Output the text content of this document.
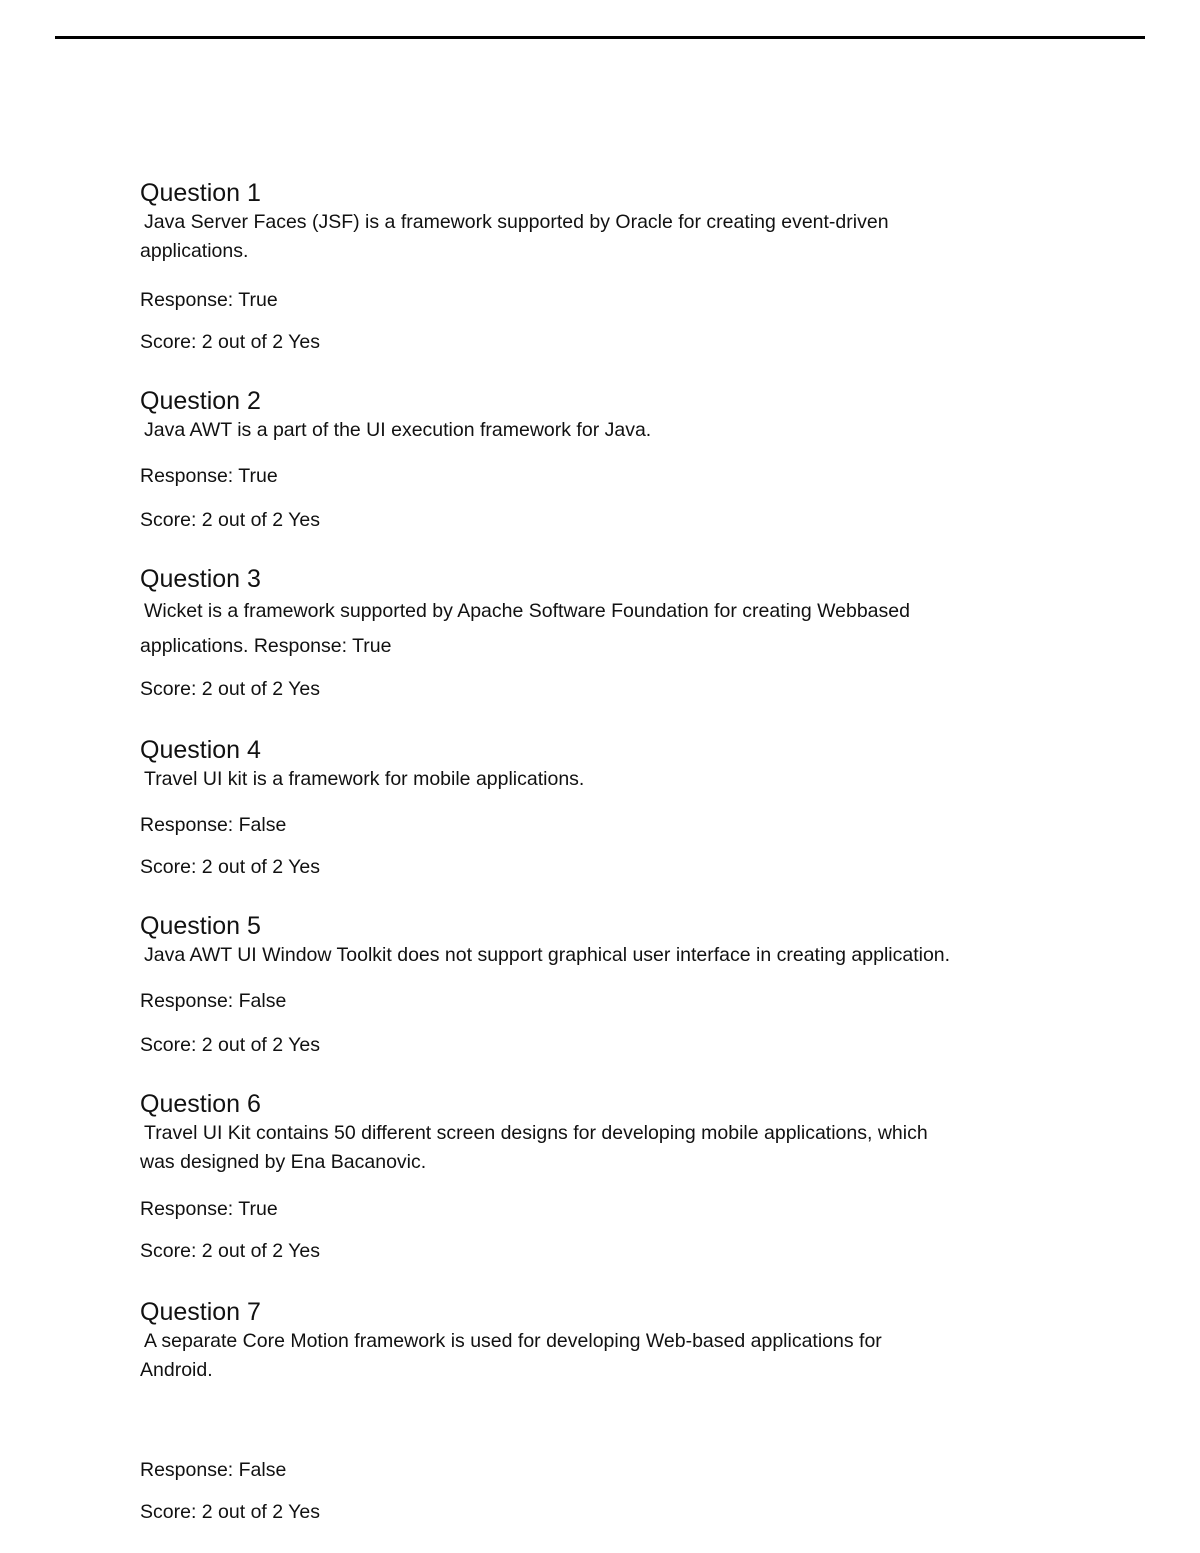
Question 1

Java Server Faces (JSF) is a framework supported by Oracle for creating event-driven
applications.

Response: True
Score: 2 out of 2 Yes
Question 2

Java AWT is a part of the UI execution framework for Java.

Response: True
Score: 2 out of 2 Yes
Question 3

Wicket is a framework supported by Apache Software Foundation for creating Webbased
applications. Response: True

Score: 2 out of 2 Yes
Question 4

Travel UI kit is a framework for mobile applications.

Response: False
Score: 2 out of 2 Yes
Question 5

Java AWT UI Window Toolkit does not support graphical user interface in creating application.

Response: False
Score: 2 out of 2 Yes
Question 6

Travel UI Kit contains 50 different screen designs for developing mobile applications, which
was designed by Ena Bacanovic.

Response: True
Score: 2 out of 2 Yes
Question 7

A separate Core Motion framework is used for developing Web-based applications for
Android.

Response: False
Score: 2 out of 2 Yes
